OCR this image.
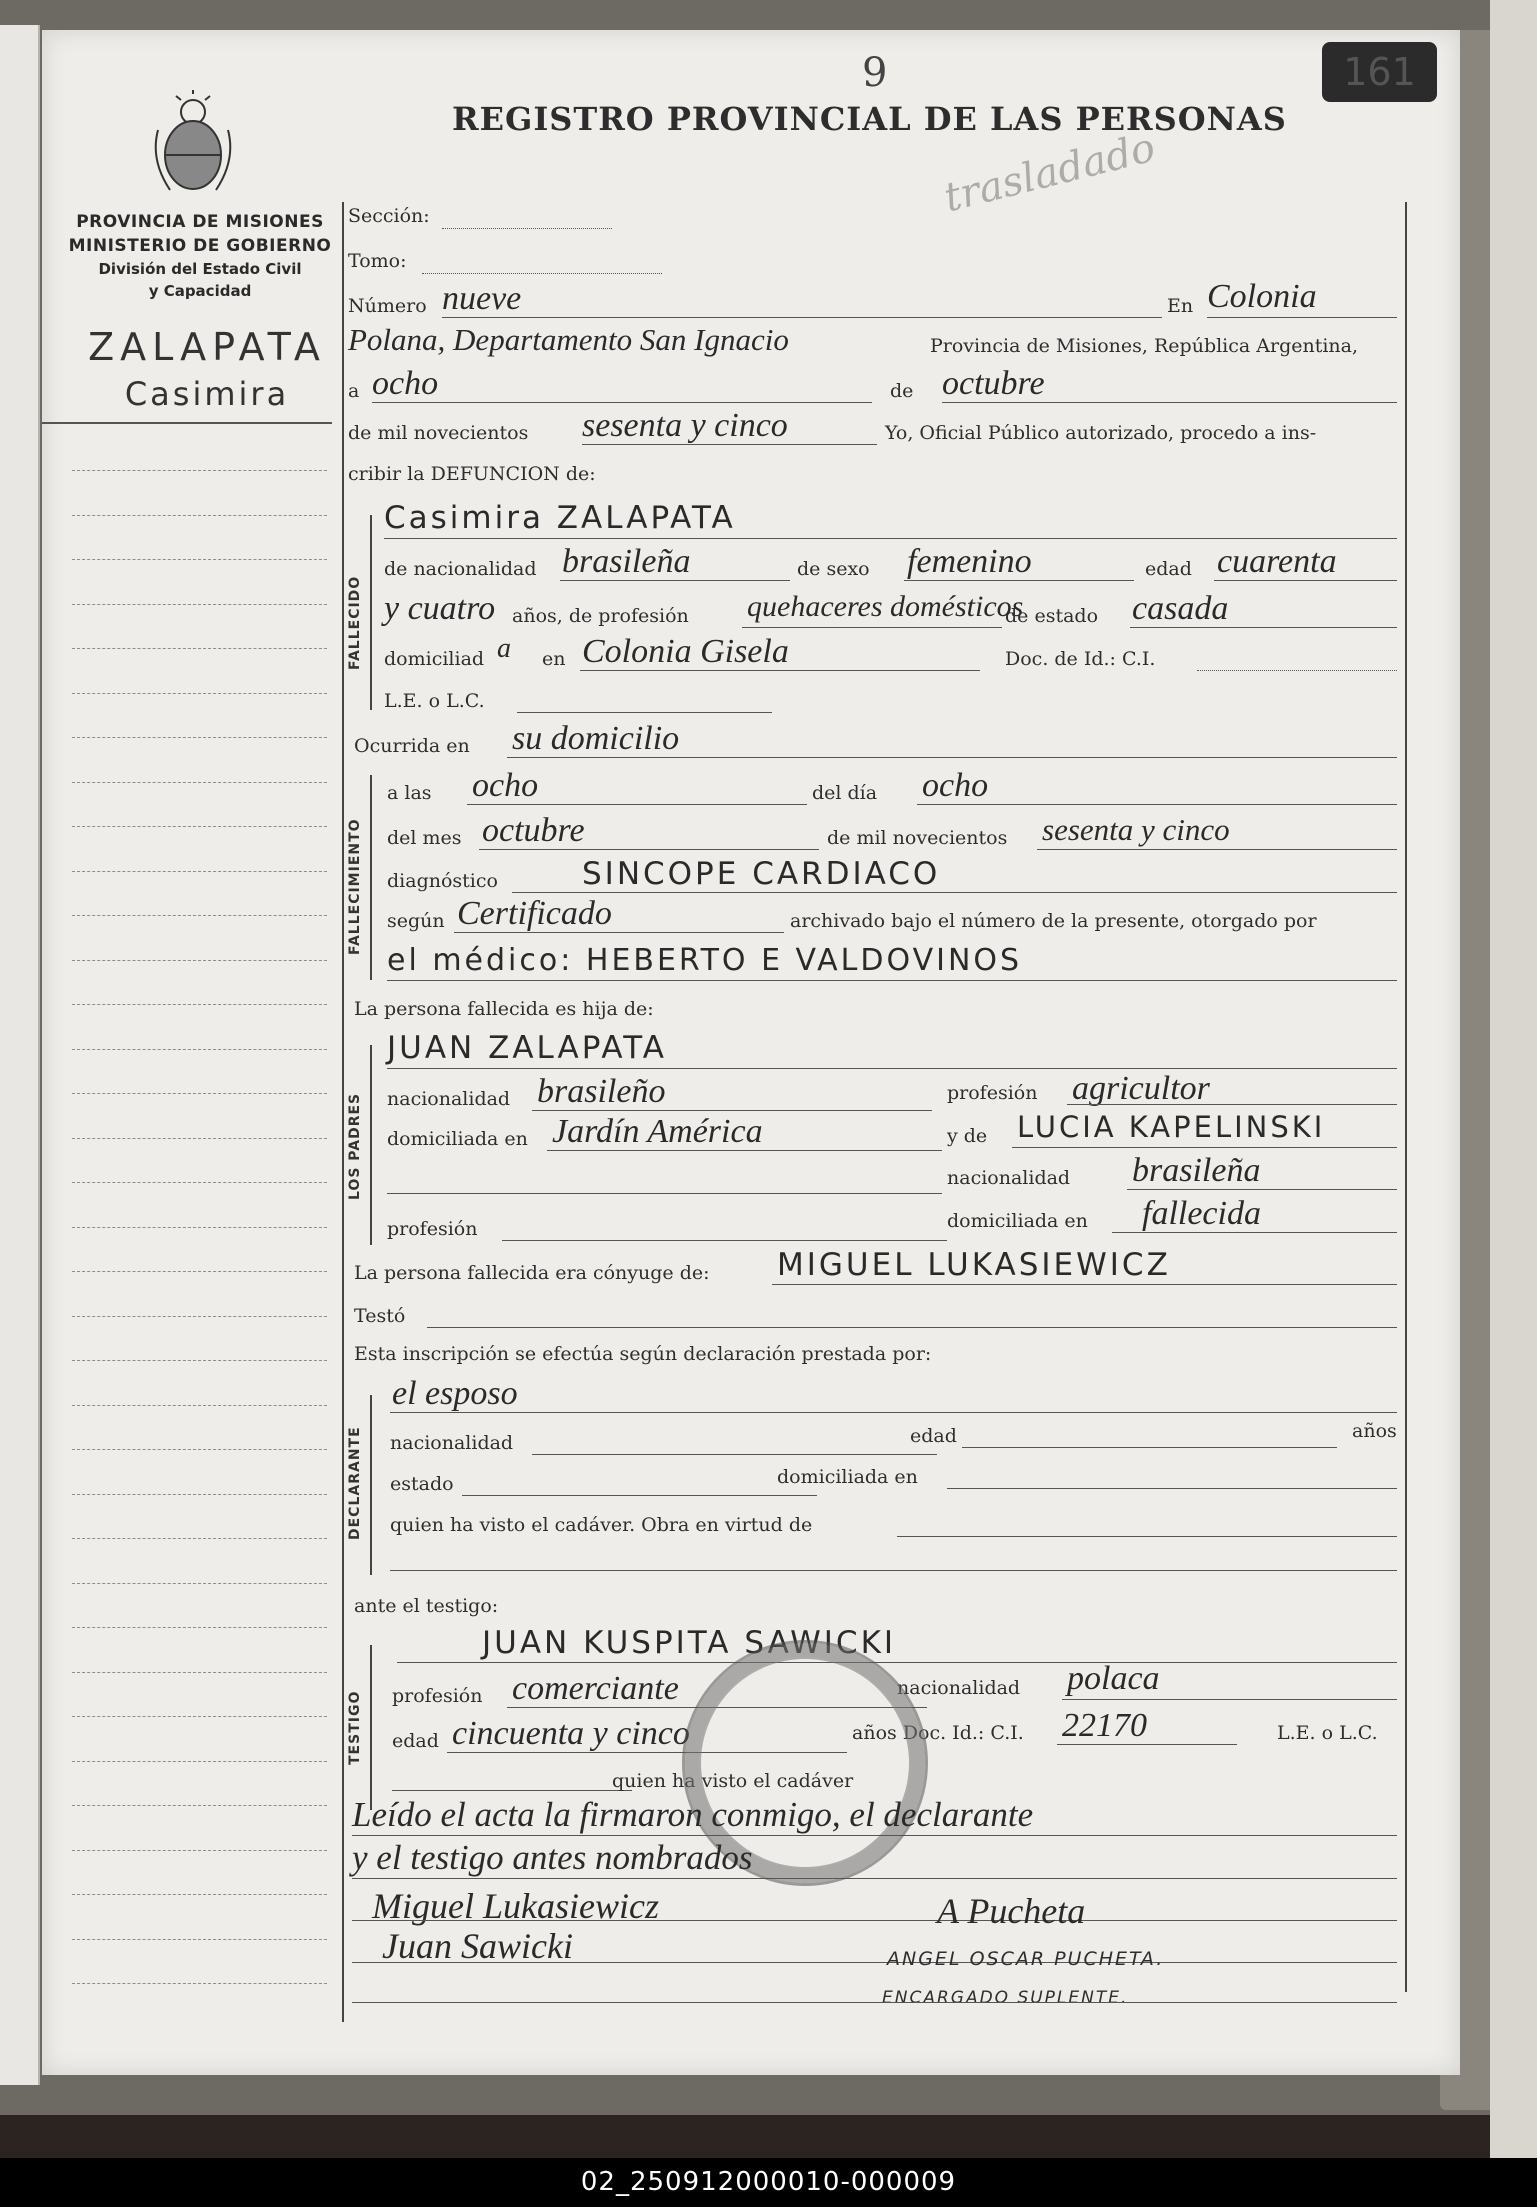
9	161
REGISTRO PROVINCIAL DE LAS PERSONAS
trasladado
PROVINCIA DE MISIONES
MINISTERIO DE GOBIERNO
División del Estado Civil
y Capacidad
ZALAPATA
Casimira
Sección:
Tomo:
Número nueve	En Colonia
Polana, Departamento San Ignacio	Provincia de Misiones, República Argentina,
a ocho	de octubre
de mil novecientos sesenta y cinco	Yo, Oficial Público autorizado, procedo a ins-
cribir la DEFUNCION de:
FALLECIDO
Casimira ZALAPATA
de nacionalidad brasileña	de sexo femenino	edad cuarenta
y cuatro años, de profesión quehaceres domésticos
de estado casada
domiciliad a en Colonia Gisela	Doc. de Id.: C.I.
L.E. o L.C.
Ocurrida en su domicilio
FALLECIMIENTO
a las ocho	del día ocho
del mes octubre	de mil novecientos sesenta y cinco
diagnóstico	SINCOPE CARDIACO
según Certificado	archivado bajo el número de la presente, otorgado por
el médico: HEBERTO E VALDOVINOS
La persona fallecida es hija de:
LOS PADRES
JUAN ZALAPATA
nacionalidad brasileño	profesión agricultor
domiciliada en Jardín América	y de LUCIA KAPELINSKI
nacionalidad brasileña
profesión	domiciliada en fallecida
La persona fallecida era cónyuge de: MIGUEL LUKASIEWICZ
Testó
Esta inscripción se efectúa según declaración prestada por:
DECLARANTE
el esposo
nacionalidad	edad	años
estado	domiciliada en
quien ha visto el cadáver. Obra en virtud de
ante el testigo:
TESTIGO
JUAN KUSPITA SAWICKI
profesión comerciante	nacionalidad polaca
edad cincuenta y cinco	años Doc. Id.: C.I. 22170	L.E. o L.C.
quien ha visto el cadáver
Leído el acta la firmaron conmigo, el declarante
y el testigo antes nombrados
Miguel Lukasiewicz
Juan Sawicki
A Pucheta
ANGEL OSCAR PUCHETA.
ENCARGADO SUPLENTE.
02_250912000010-000009
